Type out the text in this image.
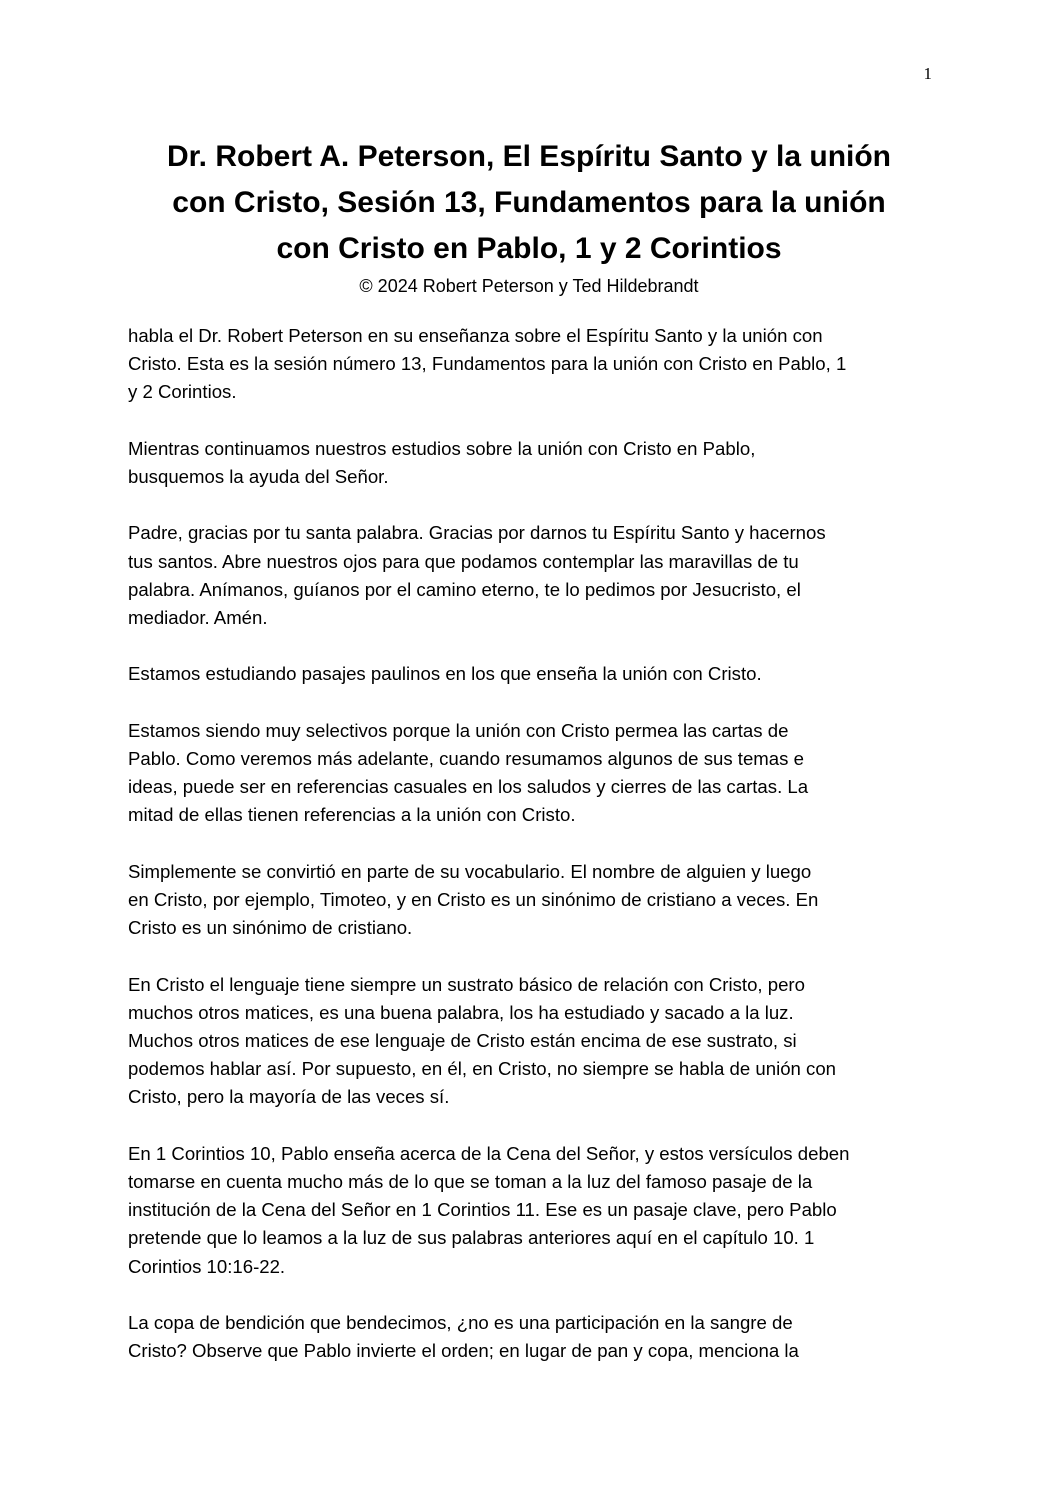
1
Dr. Robert A. Peterson, El Espíritu Santo y la unión
con Cristo, Sesión 13, Fundamentos para la unión
con Cristo en Pablo, 1 y 2 Corintios
© 2024 Robert Peterson y Ted Hildebrandt

habla el Dr. Robert Peterson en su enseñanza sobre el Espíritu Santo y la unión con
Cristo. Esta es la sesión número 13, Fundamentos para la unión con Cristo en Pablo, 1
y 2 Corintios.

Mientras continuamos nuestros estudios sobre la unión con Cristo en Pablo,
busquemos la ayuda del Señor.

Padre, gracias por tu santa palabra. Gracias por darnos tu Espíritu Santo y hacernos
tus santos. Abre nuestros ojos para que podamos contemplar las maravillas de tu
palabra. Anímanos, guíanos por el camino eterno, te lo pedimos por Jesucristo, el
mediador. Amén.

Estamos estudiando pasajes paulinos en los que enseña la unión con Cristo.

Estamos siendo muy selectivos porque la unión con Cristo permea las cartas de
Pablo. Como veremos más adelante, cuando resumamos algunos de sus temas e
ideas, puede ser en referencias casuales en los saludos y cierres de las cartas. La
mitad de ellas tienen referencias a la unión con Cristo.

Simplemente se convirtió en parte de su vocabulario. El nombre de alguien y luego
en Cristo, por ejemplo, Timoteo, y en Cristo es un sinónimo de cristiano a veces. En
Cristo es un sinónimo de cristiano.

En Cristo el lenguaje tiene siempre un sustrato básico de relación con Cristo, pero
muchos otros matices, es una buena palabra, los ha estudiado y sacado a la luz.
Muchos otros matices de ese lenguaje de Cristo están encima de ese sustrato, si
podemos hablar así. Por supuesto, en él, en Cristo, no siempre se habla de unión con
Cristo, pero la mayoría de las veces sí.

En 1 Corintios 10, Pablo enseña acerca de la Cena del Señor, y estos versículos deben
tomarse en cuenta mucho más de lo que se toman a la luz del famoso pasaje de la
institución de la Cena del Señor en 1 Corintios 11. Ese es un pasaje clave, pero Pablo
pretende que lo leamos a la luz de sus palabras anteriores aquí en el capítulo 10. 1
Corintios 10:16-22.

La copa de bendición que bendecimos, ¿no es una participación en la sangre de
Cristo? Observe que Pablo invierte el orden; en lugar de pan y copa, menciona la
